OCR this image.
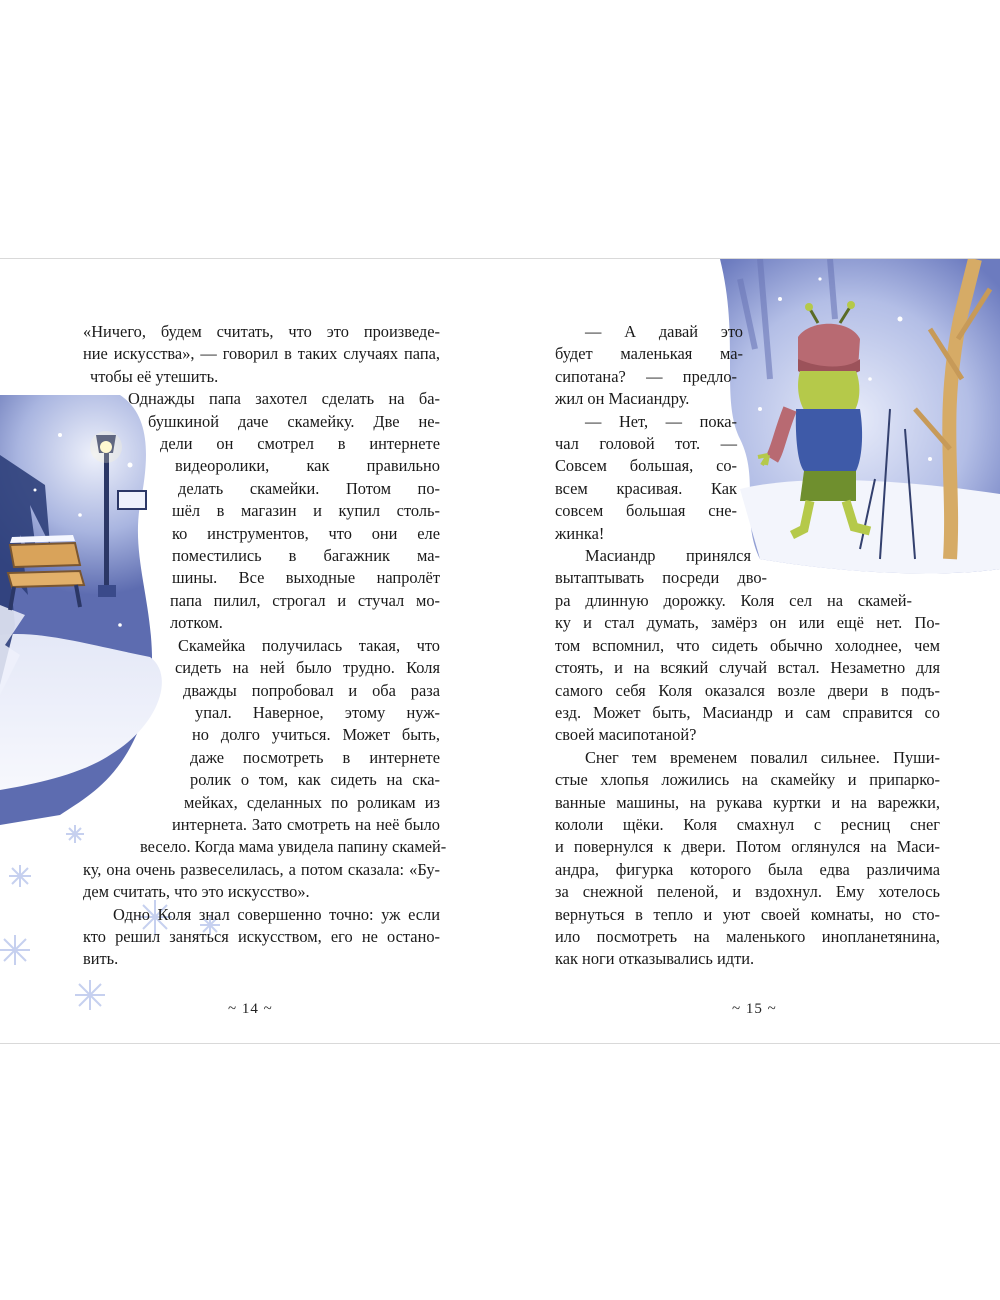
«Ничего, будем считать, что это произведе-
ние искусства», — говорил в таких случаях папа,
чтобы её утешить.
Однажды папа захотел сделать на ба-
бушкиной даче скамейку. Две не-
дели он смотрел в интернете
видеоролики, как правильно
делать скамейки. Потом по-
шёл в магазин и купил столь-
ко инструментов, что они еле
поместились в багажник ма-
шины. Все выходные напролёт
папа пилил, строгал и стучал мо-
лотком.
Скамейка получилась такая, что
сидеть на ней было трудно. Коля
дважды попробовал и оба раза
упал. Наверное, этому нуж-
но долго учиться. Может быть,
даже посмотреть в интернете
ролик о том, как сидеть на ска-
мейках, сделанных по роликам из
интернета. Зато смотреть на неё было
весело. Когда мама увидела папину скамей-
ку, она очень развеселилась, а потом сказала: «Бу-
дем считать, что это искусство».
Одно Коля знал совершенно точно: уж если
кто решил заняться искусством, его не останo-
вить.
~ 14 ~
— А давай это
будет маленькая ма-
сипотана? — предло-
жил он Масиандру.
— Нет, — пока-
чал головой тот. —
Совсем большая, со-
всем красивая. Как
совсем большая сне-
жинка!
Масиандр принялся
вытаптывать посреди дво-
ра длинную дорожку. Коля сел на скамей-
ку и стал думать, замёрз он или ещё нет. По-
том вспомнил, что сидеть обычно холоднее, чем
стоять, и на всякий случай встал. Незаметно для
самого себя Коля оказался возле двери в подъ-
езд. Может быть, Масиандр и сам справится со
своей масипотаной?
Снег тем временем повалил сильнее. Пуши-
стые хлопья ложились на скамейку и припарко-
ванные машины, на рукава куртки и на варежки,
кололи щёки. Коля смахнул с ресниц снег
и повернулся к двери. Потом оглянулся на Маси-
андра, фигурка которого была едва различима
за снежной пеленой, и вздохнул. Ему хотелось
вернуться в тепло и уют своей комнаты, но сто-
ило посмотреть на маленького инопланетянина,
как ноги отказывались идти.
~ 15 ~
